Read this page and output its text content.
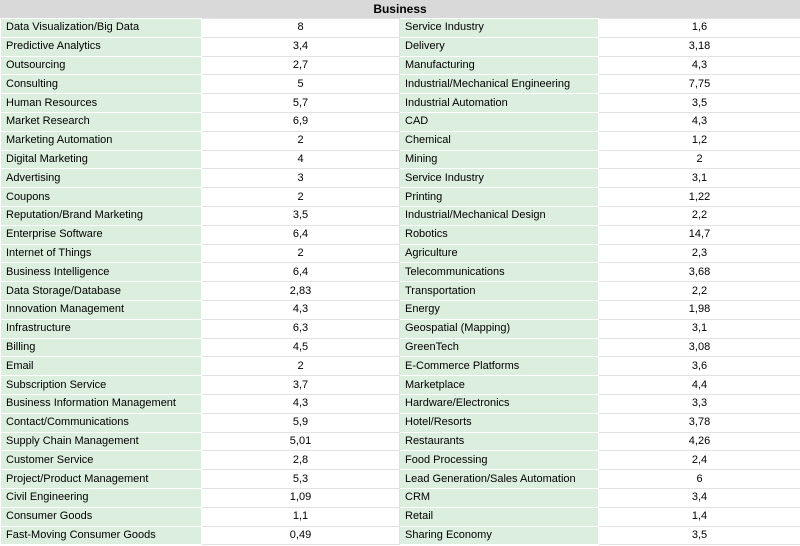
Business
Data Visualization/Big Data	8	Service Industry	1,6
Predictive Analytics	3,4	Delivery	3,18
Outsourcing	2,7	Manufacturing	4,3
Consulting	5	Industrial/Mechanical Engineering	7,75
Human Resources	5,7	Industrial Automation	3,5
Market Research	6,9	CAD	4,3
Marketing Automation	2	Chemical	1,2
Digital Marketing	4	Mining	2
Advertising	3	Service Industry	3,1
Coupons	2	Printing	1,22
Reputation/Brand Marketing	3,5	Industrial/Mechanical Design	2,2
Enterprise Software	6,4	Robotics	14,7
Internet of Things	2	Agriculture	2,3
Business Intelligence	6,4	Telecommunications	3,68
Data Storage/Database	2,83	Transportation	2,2
Innovation Management	4,3	Energy	1,98
Infrastructure	6,3	Geospatial (Mapping)	3,1
Billing	4,5	GreenTech	3,08
Email	2	E-Commerce Platforms	3,6
Subscription Service	3,7	Marketplace	4,4
Business Information Management	4,3	Hardware/Electronics	3,3
Contact/Communications	5,9	Hotel/Resorts	3,78
Supply Chain Management	5,01	Restaurants	4,26
Customer Service	2,8	Food Processing	2,4
Project/Product Management	5,3	Lead Generation/Sales Automation	6
Civil Engineering	1,09	CRM	3,4
Consumer Goods	1,1	Retail	1,4
Fast-Moving Consumer Goods	0,49	Sharing Economy	3,5
